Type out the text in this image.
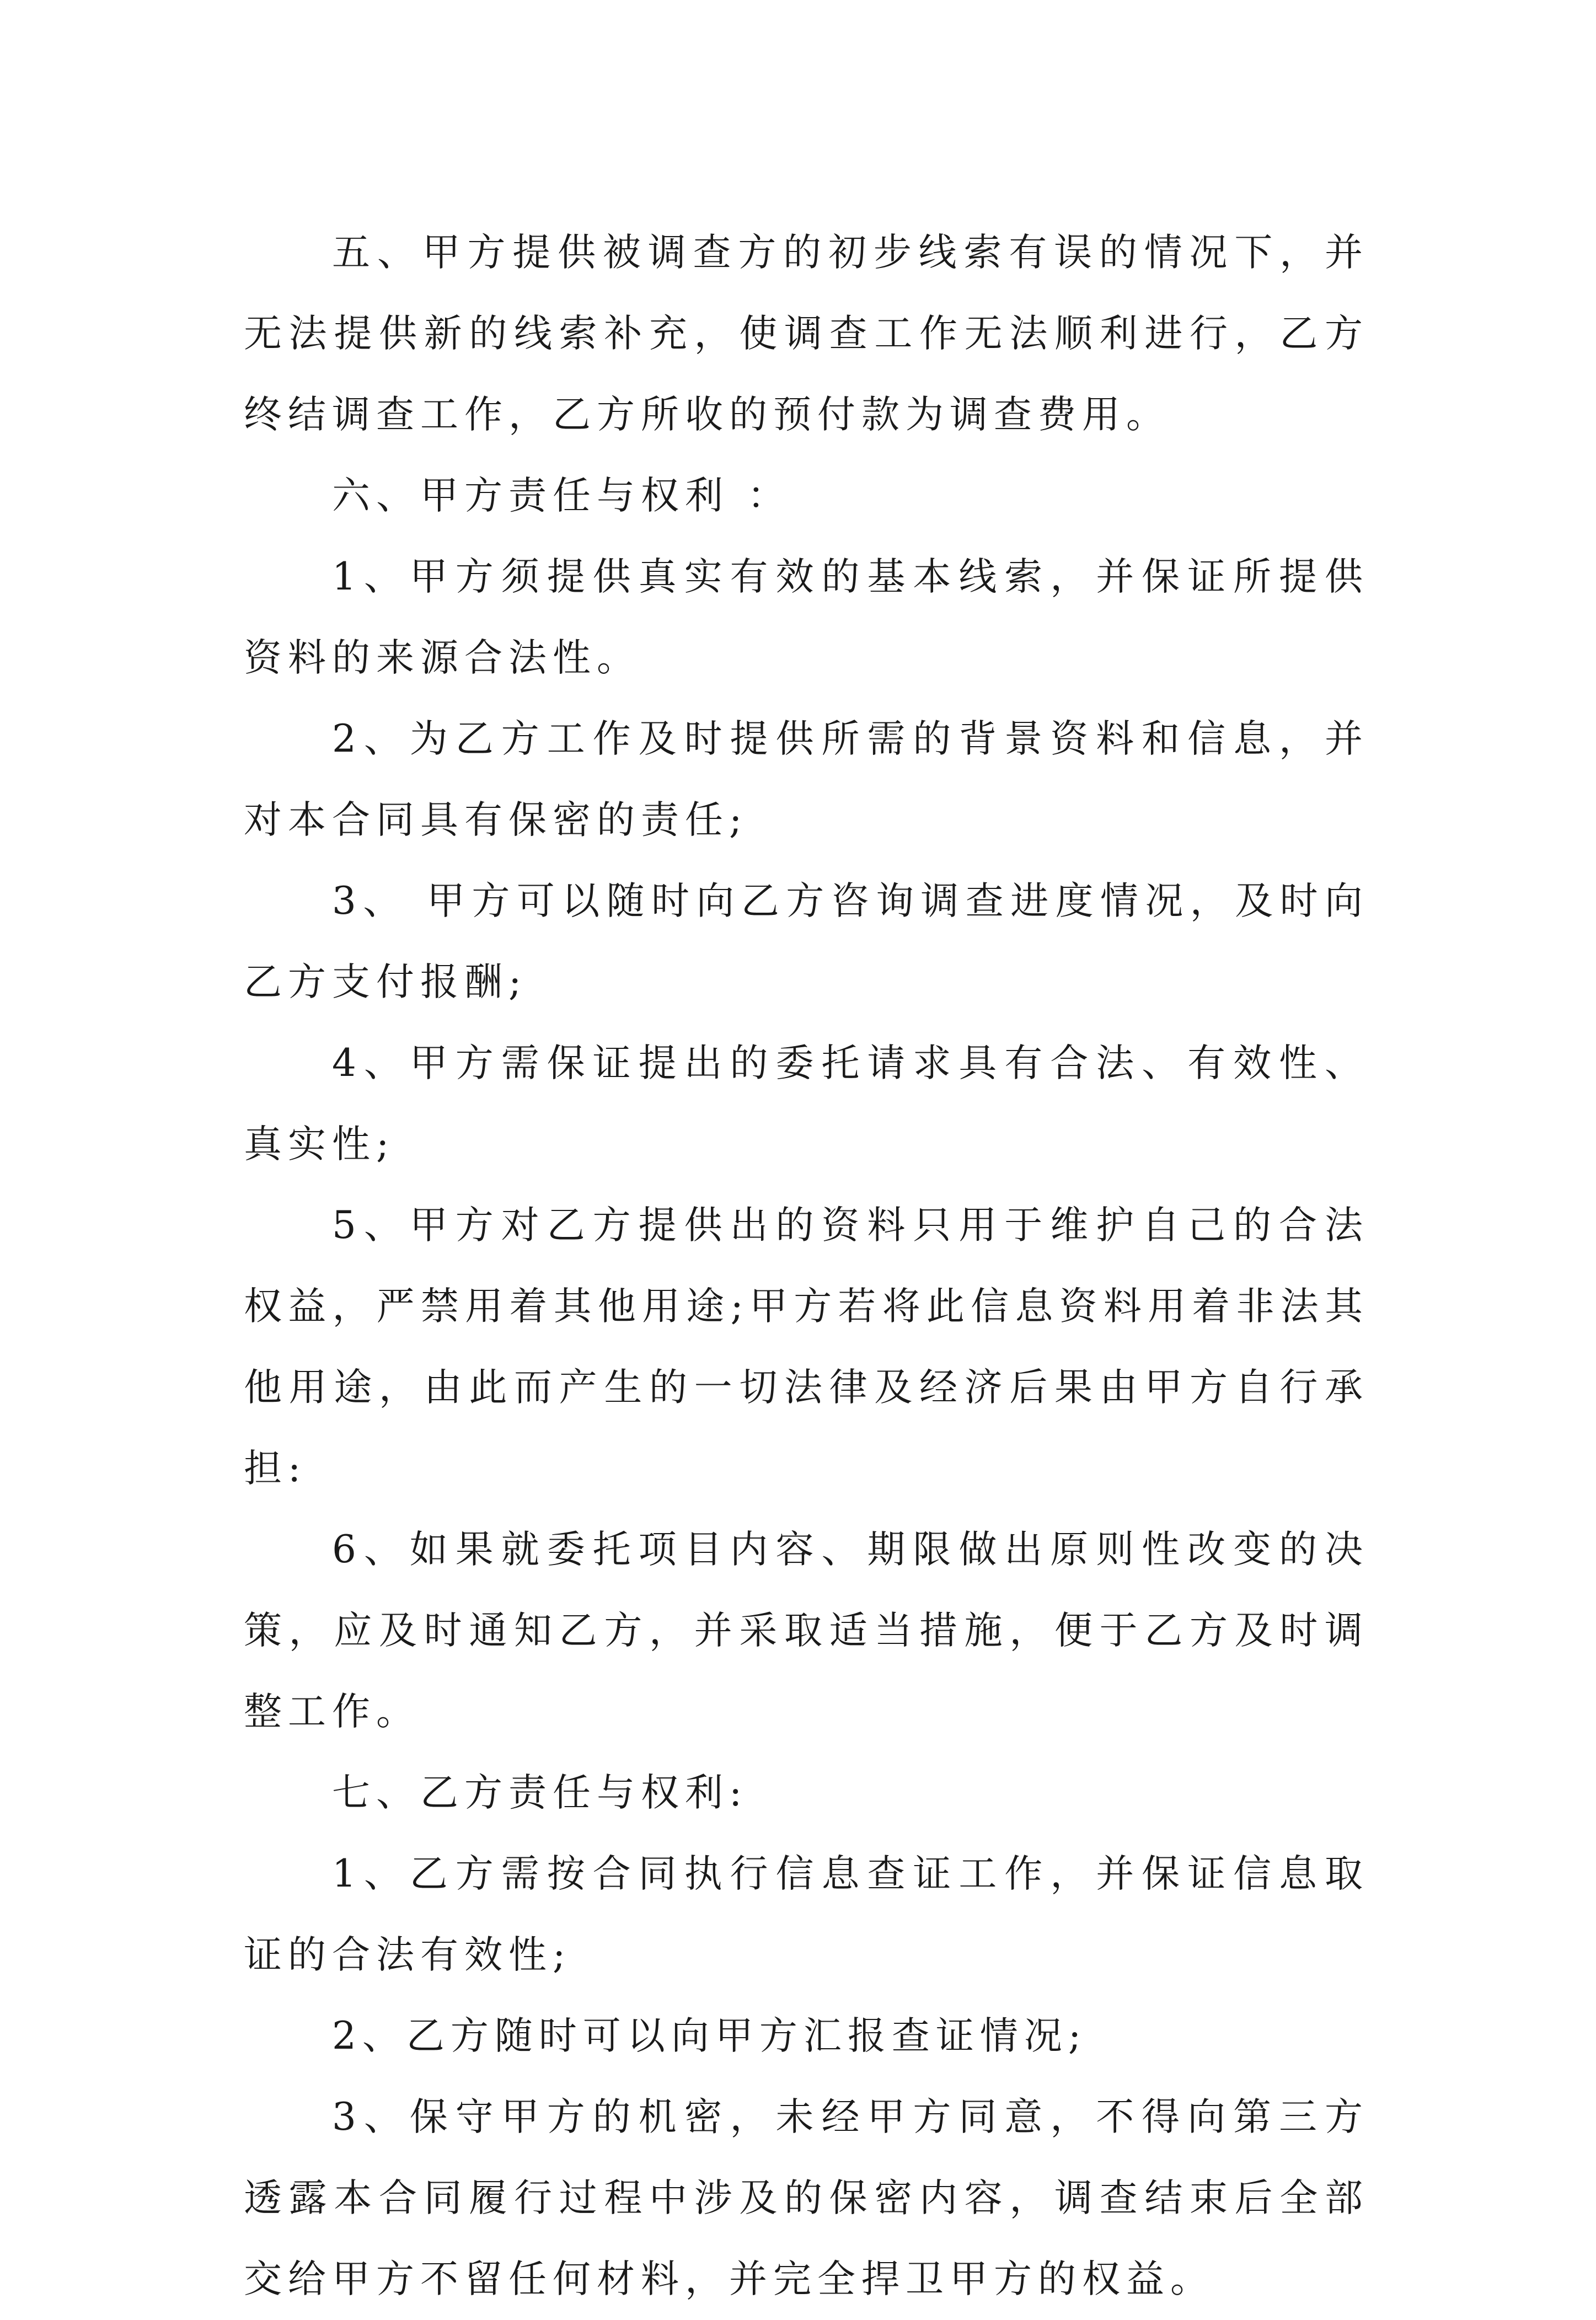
五、甲方提供被调查方的初步线索有误的情况下，并无法提供新的线索补充，使调查工作无法顺利进行，乙方终结调查工作，乙方所收的预付款为调查费用。

六、甲方责任与权利 ：

1、甲方须提供真实有效的基本线索，并保证所提供资料的来源合法性。

2、为乙方工作及时提供所需的背景资料和信息，并对本合同具有保密的责任;

3、 甲方可以随时向乙方咨询调查进度情况，及时向乙方支付报酬;

4、甲方需保证提出的委托请求具有合法、有效性、真实性;

5、甲方对乙方提供出的资料只用于维护自己的合法权益，严禁用着其他用途;甲方若将此信息资料用着非法其他用途，由此而产生的一切法律及经济后果由甲方自行承担:

6、如果就委托项目内容、期限做出原则性改变的决策，应及时通知乙方，并采取适当措施，便于乙方及时调整工作。

七、乙方责任与权利:

1、乙方需按合同执行信息查证工作，并保证信息取证的合法有效性;

2、乙方随时可以向甲方汇报查证情况;

3、保守甲方的机密，未经甲方同意，不得向第三方透露本合同履行过程中涉及的保密内容，调查结束后全部交给甲方不留任何材料，并完全捍卫甲方的权益。
